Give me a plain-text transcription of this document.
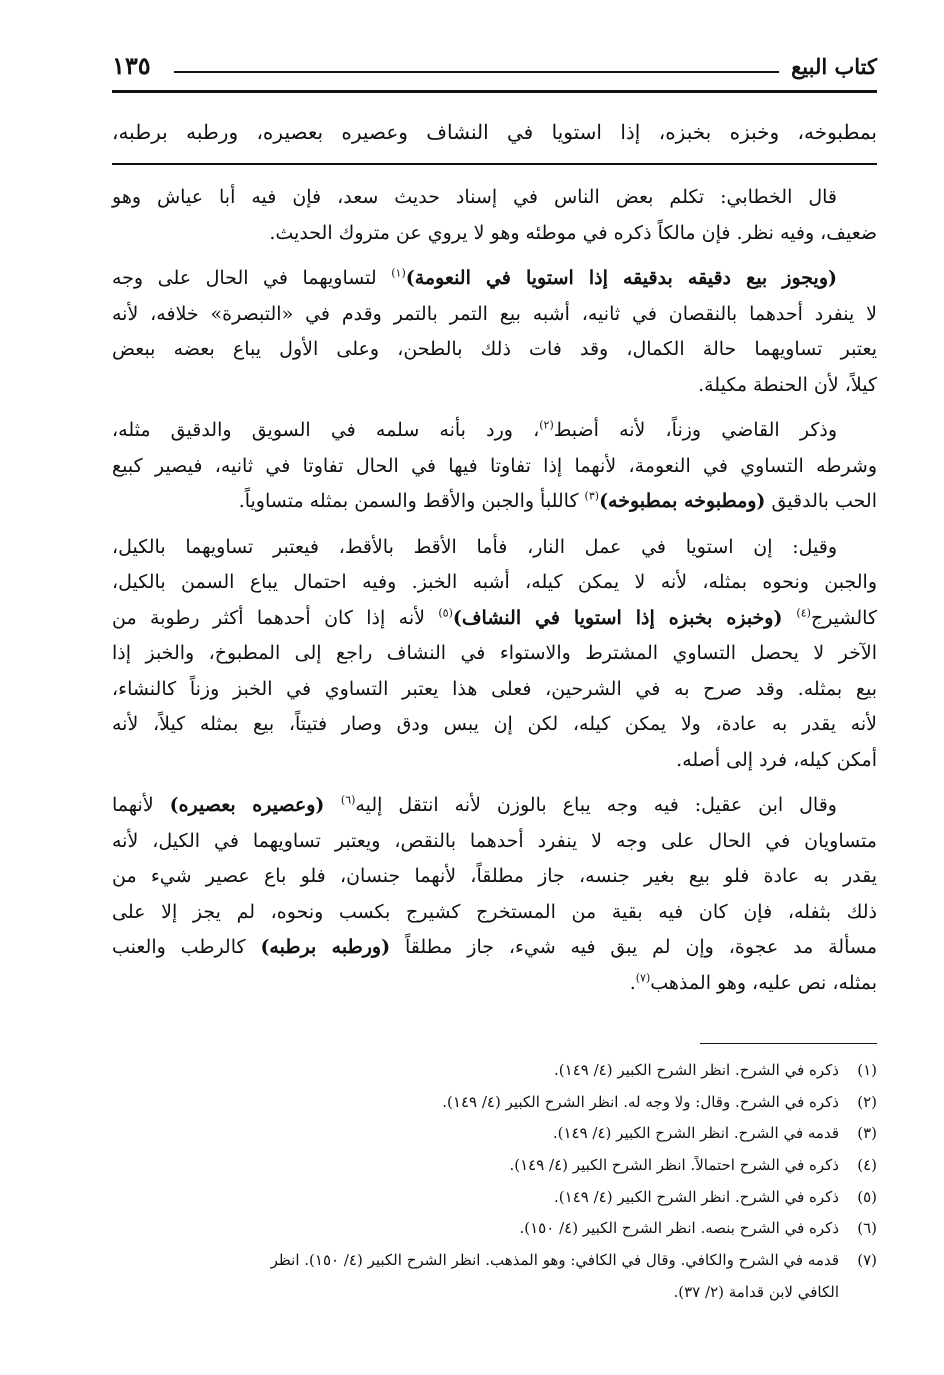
كتاب البيع
١٣٥
بمطبوخه، وخبزه بخبزه، إذا استويا في النشاف وعصيره بعصيره، ورطبه برطبه،
قال الخطابي: تكلم بعض الناس في إسناد حديث سعد، فإن فيه أبا عياش وهو
ضعيف، وفيه نظر. فإن مالكاً ذكره في موطئه وهو لا يروي عن متروك الحديث.
(ويجوز بيع دقيقه بدقيقه إذا استويا في النعومة)$^{(١)}$ لتساويهما في الحال على وجه
لا ينفرد أحدهما بالنقصان في ثانيه، أشبه بيع التمر بالتمر وقدم في «التبصرة» خلافه، لأنه
يعتبر تساويهما حالة الكمال، وقد فات ذلك بالطحن، وعلى الأول يباع بعضه ببعض
كيلاً، لأن الحنطة مكيلة.
وذكر القاضي وزناً، لأنه أضبط$^{(٢)}$، ورد بأنه سلمه في السويق والدقيق مثله،
وشرطه التساوي في النعومة، لأنهما إذا تفاوتا فيها في الحال تفاوتا في ثانيه، فيصير كبيع
الحب بالدقيق (ومطبوخه بمطبوخه)$^{(٣)}$ كاللبأ والجبن والأقط والسمن بمثله متساوياً.
وقيل: إن استويا في عمل النار، فأما الأقط بالأقط، فيعتبر تساويهما بالكيل،
والجبن ونحوه بمثله، لأنه لا يمكن كيله، أشبه الخبز. وفيه احتمال يباع السمن بالكيل،
كالشيرج$^{(٤)}$ (وخبزه بخبزه إذا استويا في النشاف)$^{(٥)}$ لأنه إذا كان أحدهما أكثر رطوبة من
الآخر لا يحصل التساوي المشترط والاستواء في النشاف راجع إلى المطبوخ، والخبز إذا
بيع بمثله. وقد صرح به في الشرحين، فعلى هذا يعتبر التساوي في الخبز وزناً كالنشاء،
لأنه يقدر به عادة، ولا يمكن كيله، لكن إن يبس ودق وصار فتيتاً، بيع بمثله كيلاً، لأنه
أمكن كيله، فرد إلى أصله.
وقال ابن عقيل: فيه وجه يباع بالوزن لأنه انتقل إليه$^{(٦)}$ (وعصيره بعصيره) لأنهما
متساويان في الحال على وجه لا ينفرد أحدهما بالنقص، ويعتبر تساويهما في الكيل، لأنه
يقدر به عادة فلو بيع بغير جنسه، جاز مطلقاً، لأنهما جنسان، فلو باع عصير شيء من
ذلك بثفله، فإن كان فيه بقية من المستخرج كشيرج بكسب ونحوه، لم يجز إلا على
مسألة مد عجوة، وإن لم يبق فيه شيء، جاز مطلقاً (ورطبه برطبه) كالرطب والعنب
بمثله، نص عليه، وهو المذهب$^{(٧)}$.
(١)ذكره في الشرح. انظر الشرح الكبير (٤/ ١٤٩).
(٢)ذكره في الشرح. وقال: ولا وجه له. انظر الشرح الكبير (٤/ ١٤٩).
(٣)قدمه في الشرح. انظر الشرح الكبير (٤/ ١٤٩).
(٤)ذكره في الشرح احتمالاً. انظر الشرح الكبير (٤/ ١٤٩).
(٥)ذكره في الشرح. انظر الشرح الكبير (٤/ ١٤٩).
(٦)ذكره في الشرح بنصه. انظر الشرح الكبير (٤/ ١٥٠).
(٧)قدمه في الشرح والكافي. وقال في الكافي: وهو المذهب. انظر الشرح الكبير (٤/ ١٥٠). انظر
الكافي لابن قدامة (٢/ ٣٧).
